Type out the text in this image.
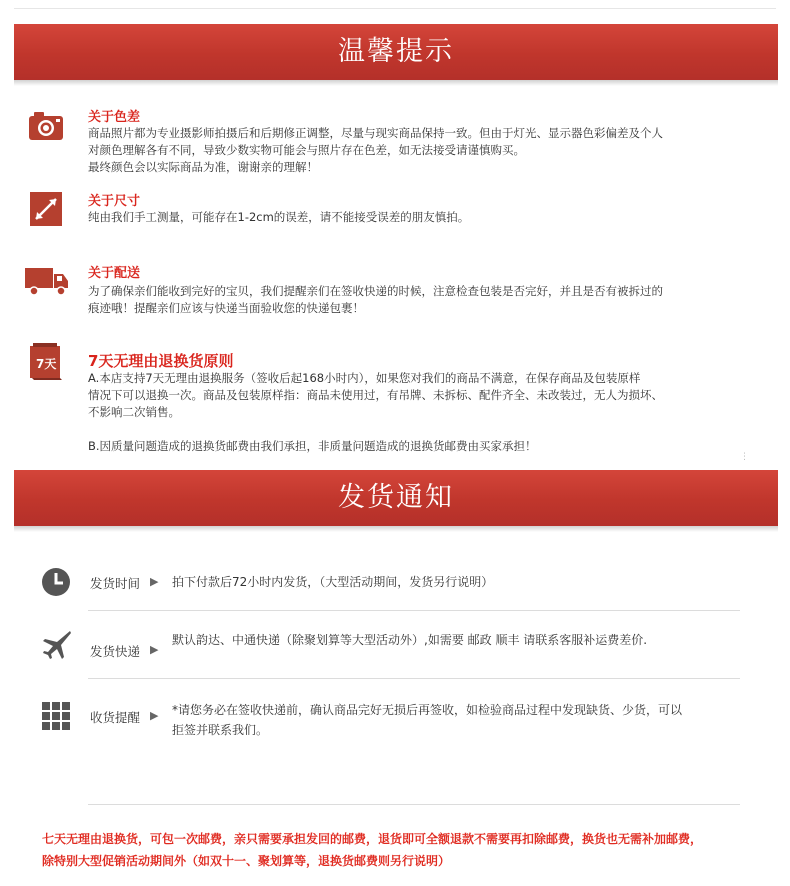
温馨提示
关于色差
商品照片都为专业摄影师拍摄后和后期修正调整，尽量与现实商品保持一致。但由于灯光、显示器色彩偏差及个人
对颜色理解各有不同，导致少数实物可能会与照片存在色差，如无法接受请谨慎购买。
最终颜色会以实际商品为准，谢谢亲的理解！
关于尺寸
纯由我们手工测量，可能存在1-2cm的误差，请不能接受误差的朋友慎拍。
关于配送
为了确保亲们能收到完好的宝贝，我们提醒亲们在签收快递的时候，注意检查包装是否完好，并且是否有被拆过的
痕迹哦！提醒亲们应该与快递当面验收您的快递包裹！
7天 7天无理由退换货原则
A.本店支持7天无理由退换服务（签收后起168小时内），如果您对我们的商品不满意，在保存商品及包装原样
情况下可以退换一次。商品及包装原样指：商品未使用过，有吊牌、未拆标、配件齐全、未改装过，无人为损坏、
不影响二次销售。
B.因质量问题造成的退换货邮费由我们承担，非质量问题造成的退换货邮费由买家承担！
⋮
发货通知
发货时间 ▶ 拍下付款后72小时内发货，（大型活动期间，发货另行说明）
发货快递 ▶
默认韵达、中通快递（除聚划算等大型活动外）,如需要 邮政 顺丰 请联系客服补运费差价.
收货提醒 ▶ *请您务必在签收快递前，确认商品完好无损后再签收，如检验商品过程中发现缺货、少货，可以
拒签并联系我们。
七天无理由退换货，可包一次邮费，亲只需要承担发回的邮费，退货即可全额退款不需要再扣除邮费，换货也无需补加邮费，
除特别大型促销活动期间外（如双十一、聚划算等，退换货邮费则另行说明）
